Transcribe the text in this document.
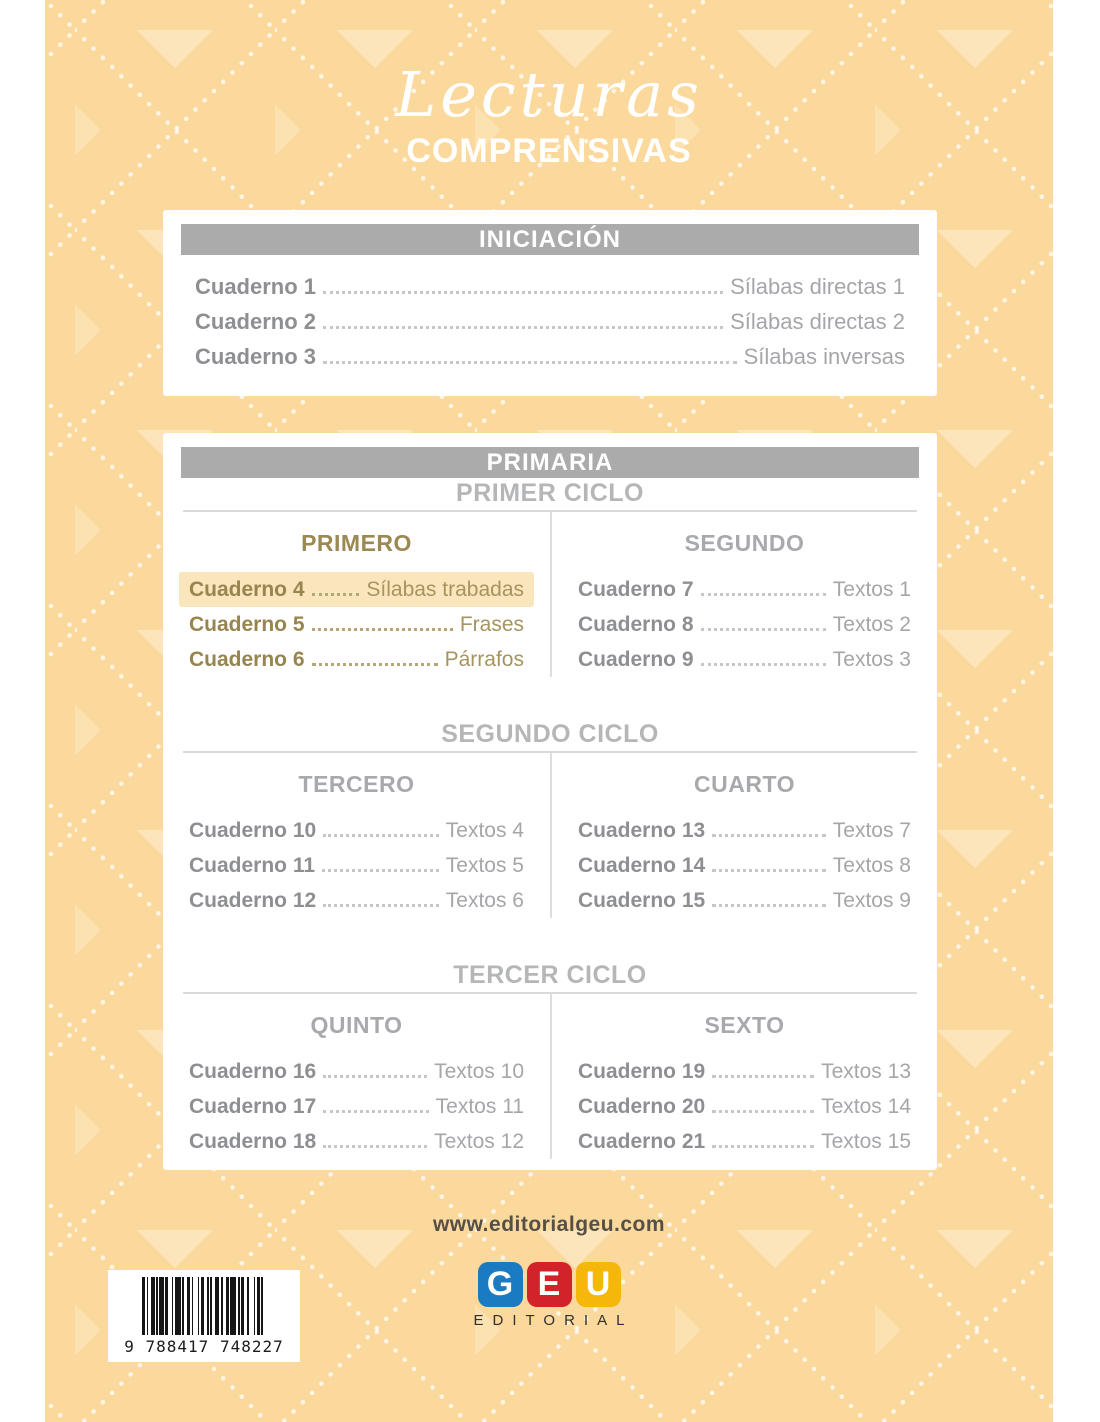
Lecturas
COMPRENSIVAS
INICIACIÓN
Cuaderno 1	Sílabas directas 1
Cuaderno 2	Sílabas directas 2
Cuaderno 3	Sílabas inversas
PRIMARIA
PRIMER CICLO
PRIMERO
Cuaderno 4	Sílabas trabadas
Cuaderno 5	Frases
Cuaderno 6	Párrafos
SEGUNDO
Cuaderno 7	Textos 1
Cuaderno 8	Textos 2
Cuaderno 9	Textos 3
SEGUNDO CICLO
TERCERO
Cuaderno 10	Textos 4
Cuaderno 11	Textos 5
Cuaderno 12	Textos 6
CUARTO
Cuaderno 13	Textos 7
Cuaderno 14	Textos 8
Cuaderno 15	Textos 9
TERCER CICLO
QUINTO
Cuaderno 16	Textos 10
Cuaderno 17	Textos 11
Cuaderno 18	Textos 12
SEXTO
Cuaderno 19	Textos 13
Cuaderno 20	Textos 14
Cuaderno 21	Textos 15
www.editorialgeu.com
G E U
EDITORIAL
9 788417 748227
